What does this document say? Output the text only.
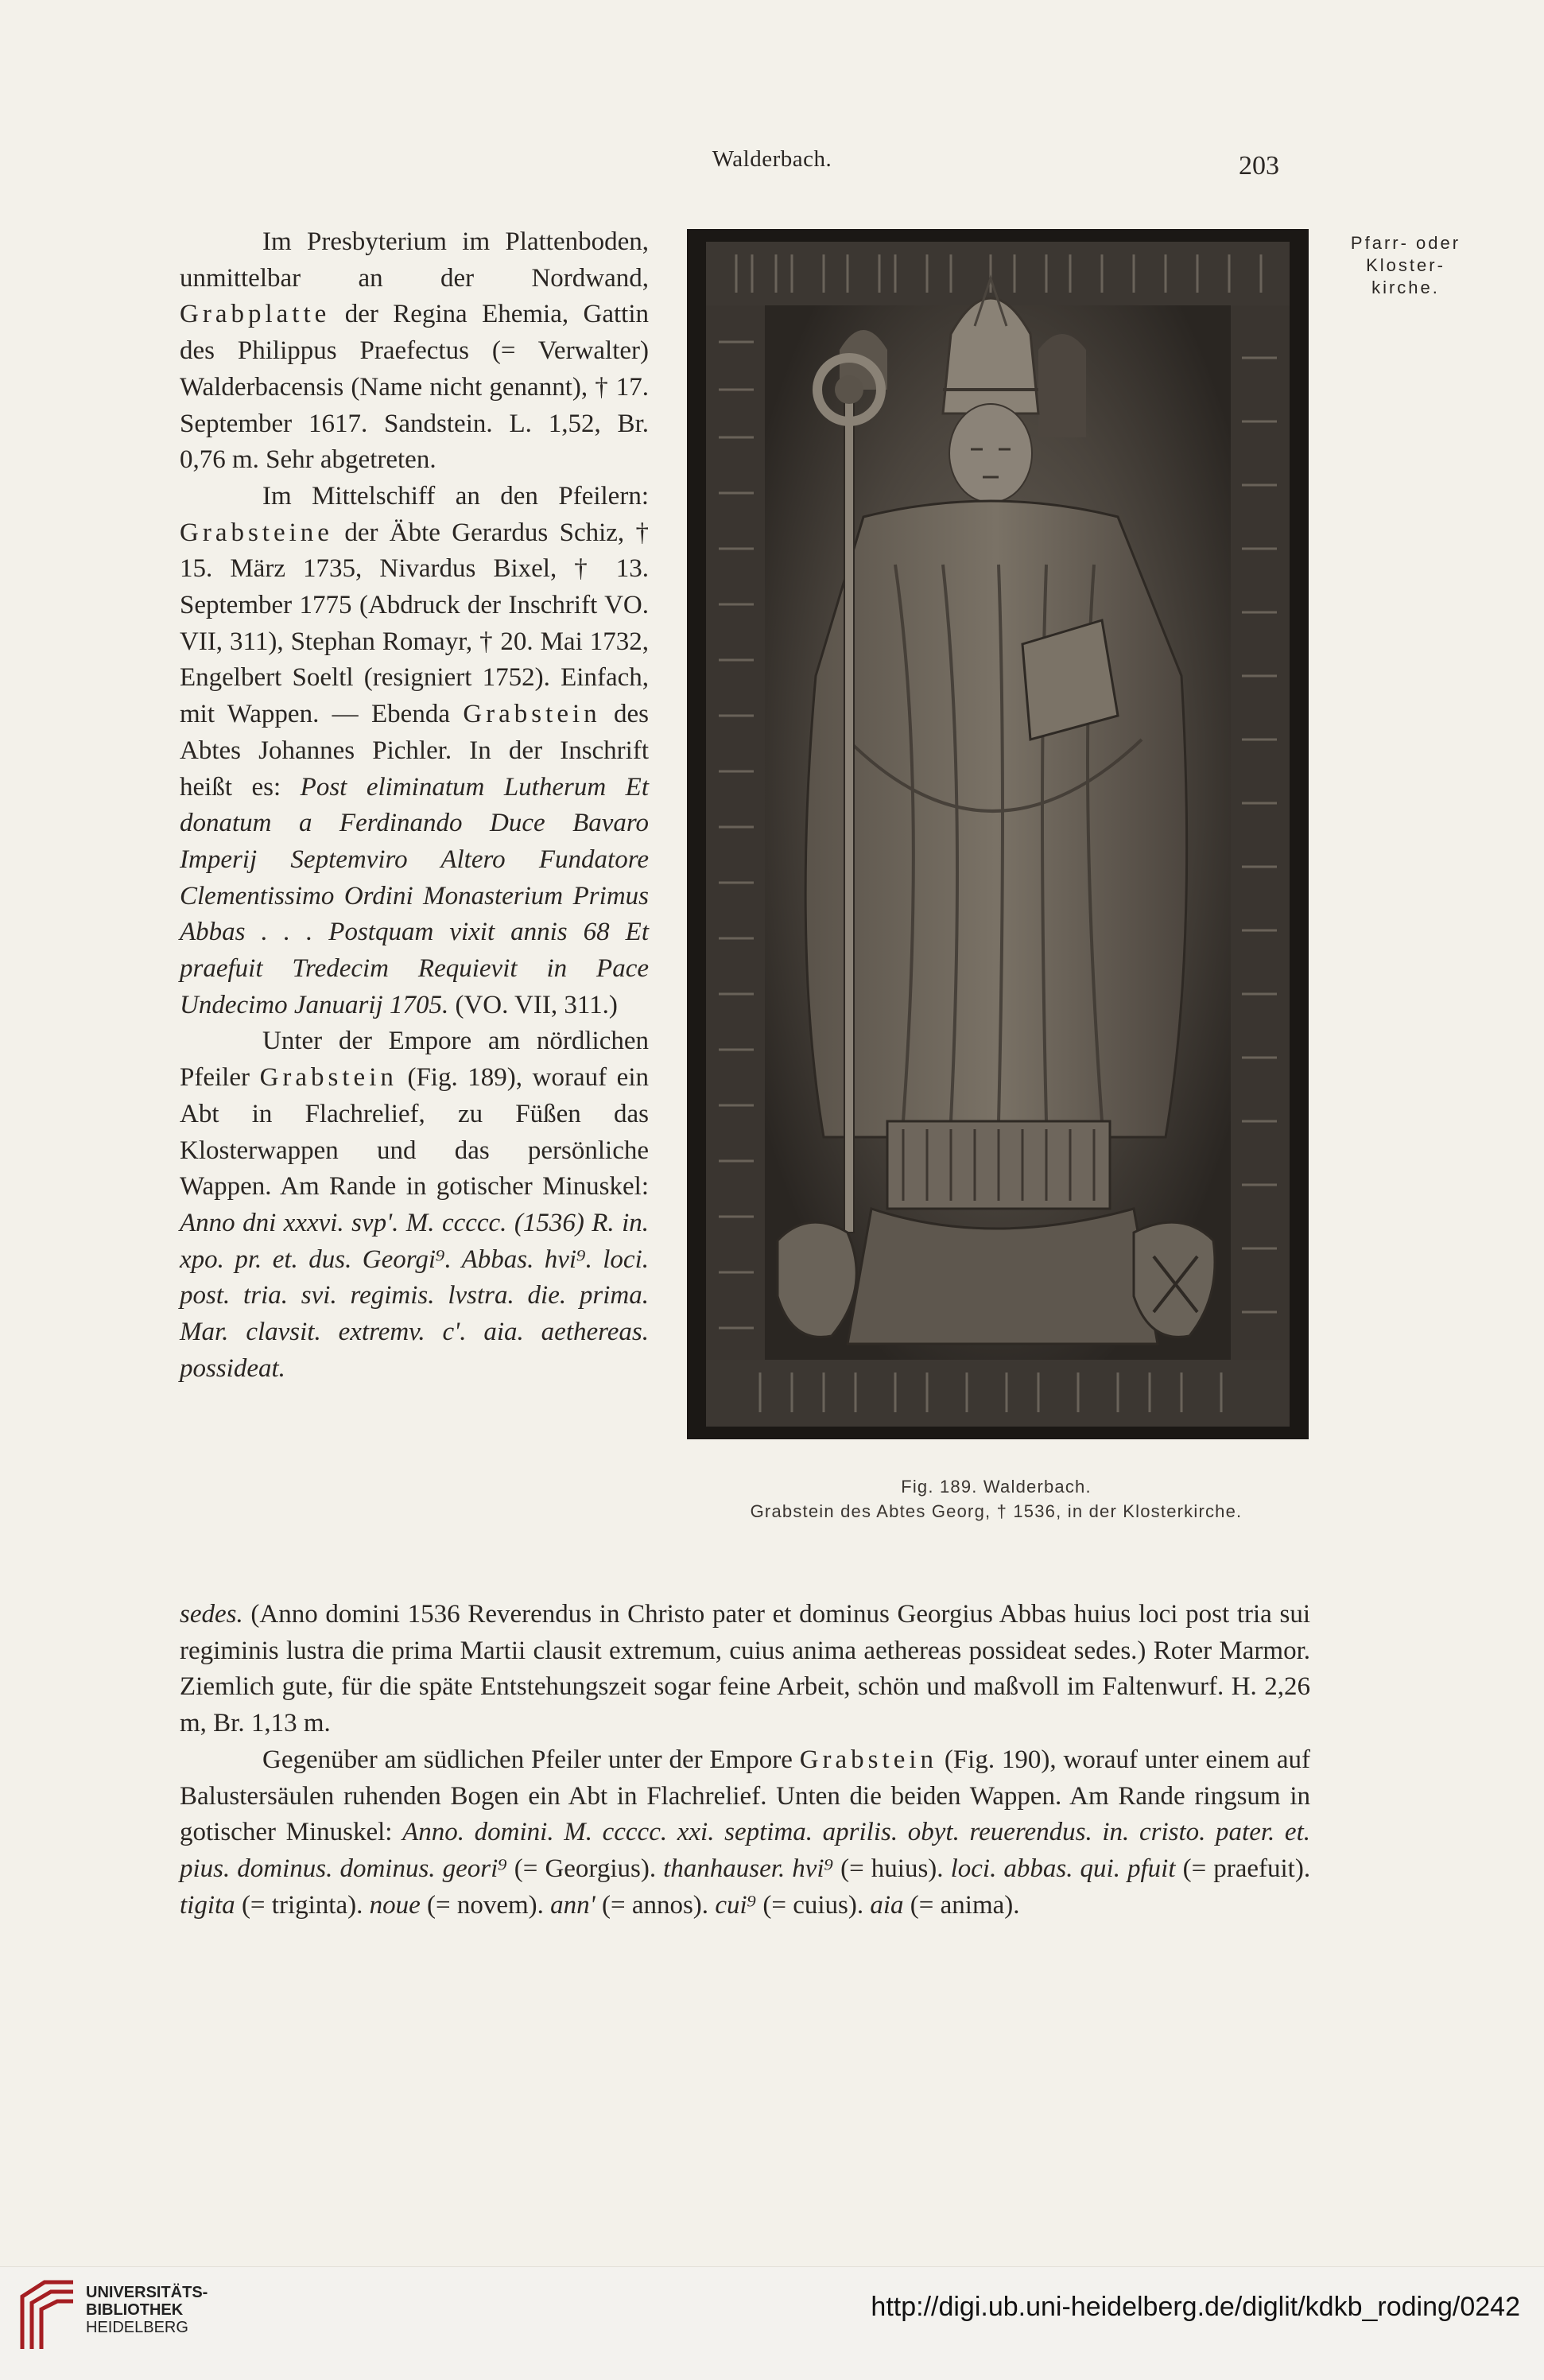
Walderbach.	203
Pfarr- oder
Kloster-
kirche.

Im Presbyterium im Plattenboden, unmittelbar an der Nordwand, Grabplatte der Regina Ehemia, Gattin des Philippus Praefectus (= Verwalter) Walderbacensis (Name nicht genannt), † 17. September 1617. Sandstein. L. 1,52, Br. 0,76 m. Sehr abgetreten.

Im Mittelschiff an den Pfeilern: Grabsteine der Äbte Gerardus Schiz, † 15. März 1735, Nivardus Bixel, † 13. September 1775 (Abdruck der Inschrift VO. VII, 311), Stephan Romayr, † 20. Mai 1732, Engelbert Soeltl (resigniert 1752). Einfach, mit Wappen. — Ebenda Grabstein des Abtes Johannes Pichler. In der Inschrift heißt es: Post eliminatum Lutherum Et donatum a Ferdinando Duce Bavaro Imperij Septemviro Altero Fundatore Clementissimo Ordini Monasterium Primus Abbas . . . Postquam vixit annis 68 Et praefuit Tredecim Requievit in Pace Undecimo Januarij 1705. (VO. VII, 311.)

Unter der Empore am nördlichen Pfeiler Grabstein (Fig. 189), worauf ein Abt in Flachrelief, zu Füßen das Klosterwappen und das persönliche Wappen. Am Rande in gotischer Minuskel: Anno dni xxxvi. svp'. M. ccccc. (1536) R. in. xpo. pr. et. dus. Georgi⁹. Abbas. hvi⁹. loci. post. tria. svi. regimis. lvstra. die. prima. Mar. clavsit. extremv. c'. aia. aethereas. possideat.

Fig. 189. Walderbach.
Grabstein des Abtes Georg, † 1536, in der Klosterkirche.

sedes. (Anno domini 1536 Reverendus in Christo pater et dominus Georgius Abbas huius loci post tria sui regiminis lustra die prima Martii clausit extremum, cuius anima aethereas possideat sedes.) Roter Marmor. Ziemlich gute, für die späte Entstehungszeit sogar feine Arbeit, schön und maßvoll im Faltenwurf. H. 2,26 m, Br. 1,13 m.

Gegenüber am südlichen Pfeiler unter der Empore Grabstein (Fig. 190), worauf unter einem auf Balustersäulen ruhenden Bogen ein Abt in Flachrelief. Unten die beiden Wappen. Am Rande ringsum in gotischer Minuskel: Anno. domini. M. ccccc. xxi. septima. aprilis. obyt. reuerendus. in. cristo. pater. et. pius. dominus. dominus. geori⁹ (= Georgius). thanhauser. hvi⁹ (= huius). loci. abbas. qui. pfuit (= praefuit). tigita (= triginta). noue (= novem). ann' (= annos). cui⁹ (= cuius). aia (= anima).

UNIVERSITÄTS-
BIBLIOTHEK
HEIDELBERG
http://digi.ub.uni-heidelberg.de/diglit/kdkb_roding/0242
